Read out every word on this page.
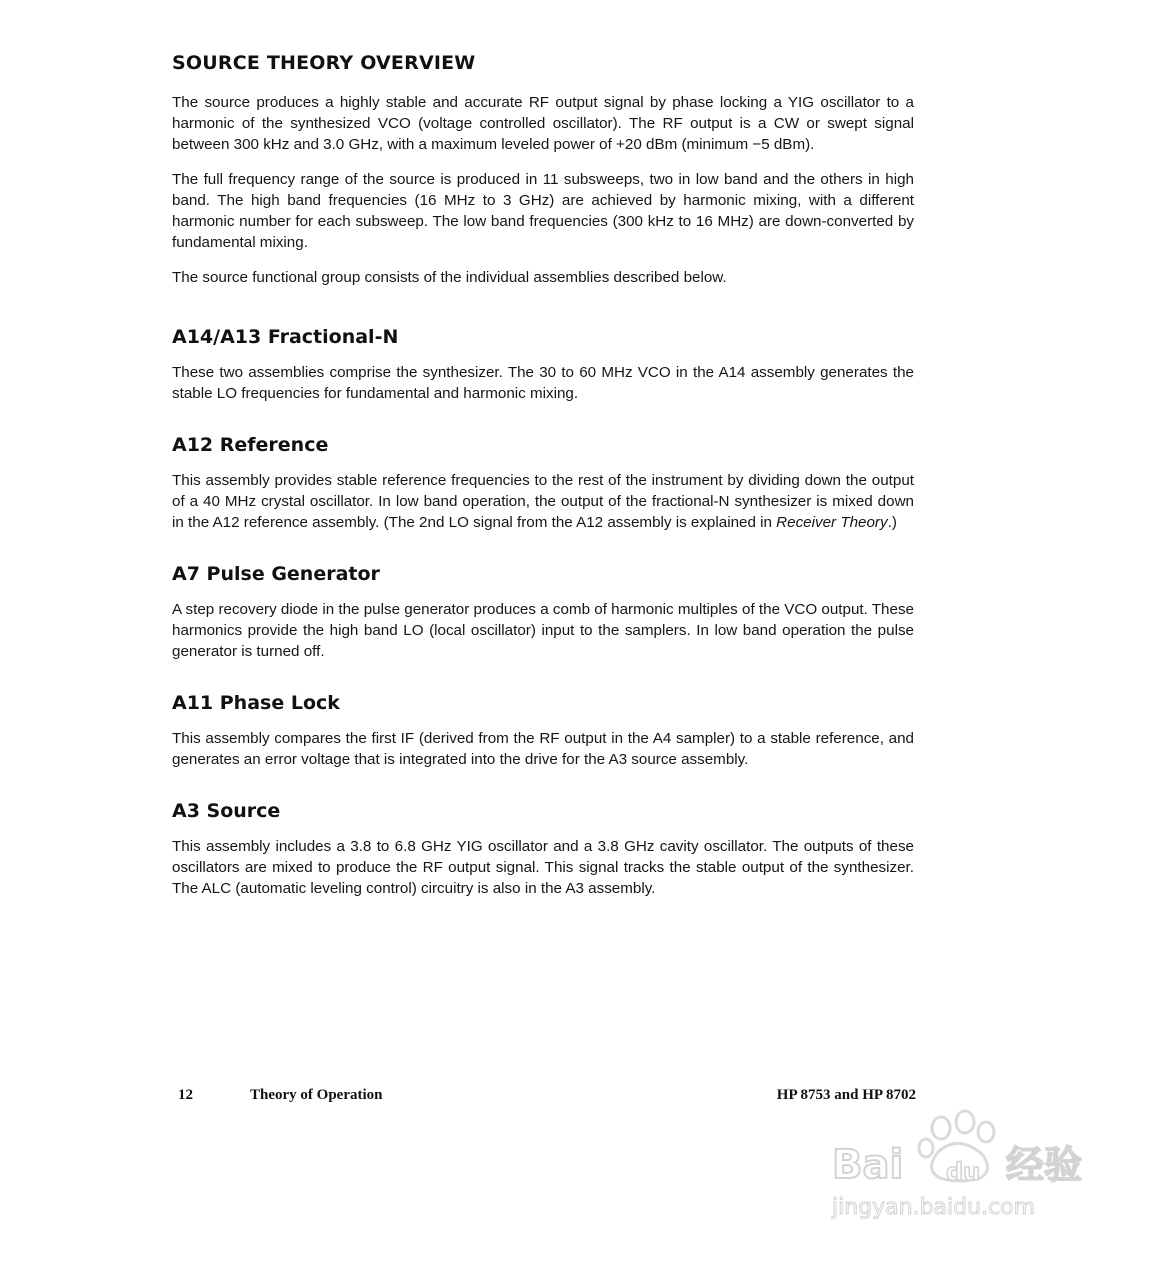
SOURCE THEORY OVERVIEW

The source produces a highly stable and accurate RF output signal by phase locking a YIG oscillator to a harmonic of the synthesized VCO (voltage controlled oscillator). The RF output is a CW or swept signal between 300 kHz and 3.0 GHz, with a maximum leveled power of +20 dBm (minimum −5 dBm).

The full frequency range of the source is produced in 11 subsweeps, two in low band and the others in high band. The high band frequencies (16 MHz to 3 GHz) are achieved by harmonic mixing, with a different harmonic number for each subsweep. The low band frequencies (300 kHz to 16 MHz) are down-converted by fundamental mixing.

The source functional group consists of the individual assemblies described below.

A14/A13 Fractional-N

These two assemblies comprise the synthesizer. The 30 to 60 MHz VCO in the A14 assembly generates the stable LO frequencies for fundamental and harmonic mixing.

A12 Reference

This assembly provides stable reference frequencies to the rest of the instrument by dividing down the output of a 40 MHz crystal oscillator. In low band operation, the output of the fractional-N synthesizer is mixed down in the A12 reference assembly. (The 2nd LO signal from the A12 assembly is explained in Receiver Theory.)

A7 Pulse Generator

A step recovery diode in the pulse generator produces a comb of harmonic multiples of the VCO output. These harmonics provide the high band LO (local oscillator) input to the samplers. In low band operation the pulse generator is turned off.

A11 Phase Lock

This assembly compares the first IF (derived from the RF output in the A4 sampler) to a stable reference, and generates an error voltage that is integrated into the drive for the A3 source assembly.

A3 Source

This assembly includes a 3.8 to 6.8 GHz YIG oscillator and a 3.8 GHz cavity oscillator. The outputs of these oscillators are mixed to produce the RF output signal. This signal tracks the stable output of the synthesizer. The ALC (automatic leveling control) circuitry is also in the A3 assembly.

12	Theory of Operation	HP 8753 and HP 8702
Bai du 经验
jingyan.baidu.com
